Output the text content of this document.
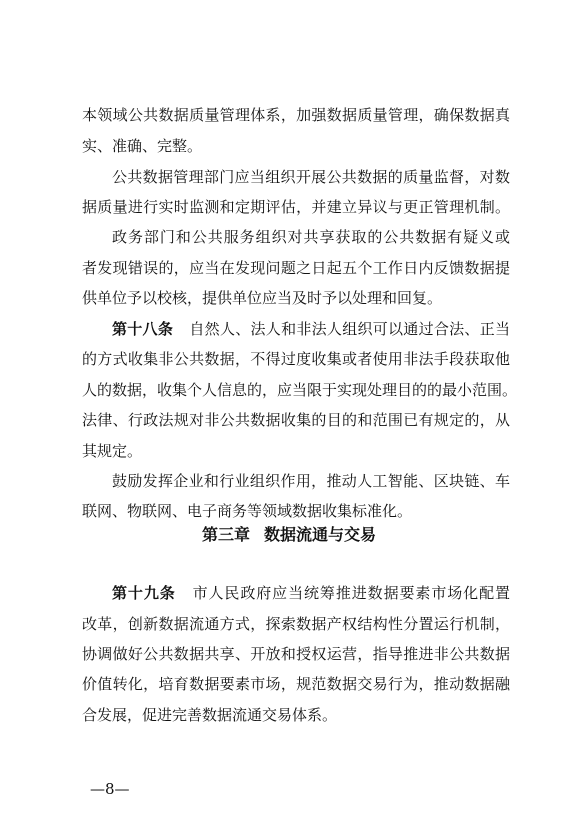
本领域公共数据质量管理体系，加强数据质量管理，确保数据真
实、准确、完整。
公共数据管理部门应当组织开展公共数据的质量监督，对数
据质量进行实时监测和定期评估，并建立异议与更正管理机制。
政务部门和公共服务组织对共享获取的公共数据有疑义或
者发现错误的，应当在发现问题之日起五个工作日内反馈数据提
供单位予以校核，提供单位应当及时予以处理和回复。
第十八条 自然人、法人和非法人组织可以通过合法、正当
的方式收集非公共数据，不得过度收集或者使用非法手段获取他
人的数据，收集个人信息的，应当限于实现处理目的的最小范围。
法律、行政法规对非公共数据收集的目的和范围已有规定的，从
其规定。
鼓励发挥企业和行业组织作用，推动人工智能、区块链、车
联网、物联网、电子商务等领域数据收集标准化。
第三章 数据流通与交易
第十九条 市人民政府应当统筹推进数据要素市场化配置
改革，创新数据流通方式，探索数据产权结构性分置运行机制，
协调做好公共数据共享、开放和授权运营，指导推进非公共数据
价值转化，培育数据要素市场，规范数据交易行为，推动数据融
合发展，促进完善数据流通交易体系。
—8—
